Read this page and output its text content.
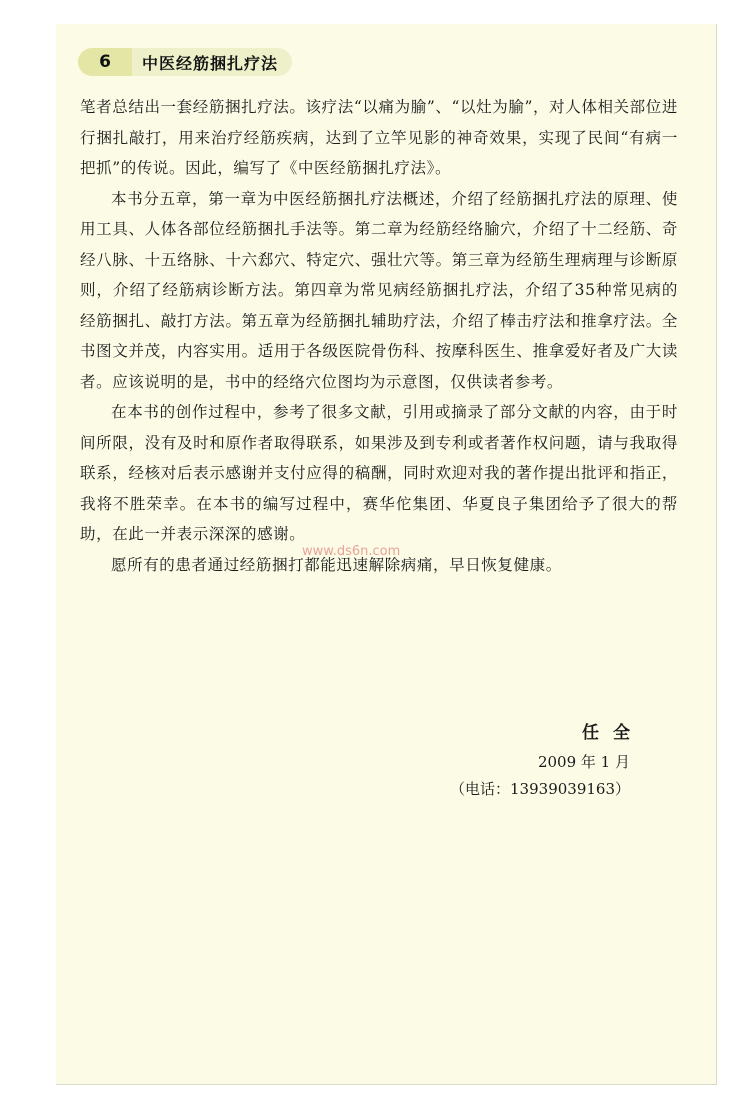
6 中医经筋捆扎疗法

笔者总结出一套经筋捆扎疗法。该疗法“以痛为腧”、“以灶为腧”，对人体相关部位进行捆扎敲打，用来治疗经筋疾病，达到了立竿见影的神奇效果，实现了民间“有病一把抓”的传说。因此，编写了《中医经筋捆扎疗法》。

本书分五章，第一章为中医经筋捆扎疗法概述，介绍了经筋捆扎疗法的原理、使用工具、人体各部位经筋捆扎手法等。第二章为经筋经络腧穴，介绍了十二经筋、奇经八脉、十五络脉、十六郄穴、特定穴、强壮穴等。第三章为经筋生理病理与诊断原则，介绍了经筋病诊断方法。第四章为常见病经筋捆扎疗法，介绍了35种常见病的经筋捆扎、敲打方法。第五章为经筋捆扎辅助疗法，介绍了棒击疗法和推拿疗法。全书图文并茂，内容实用。适用于各级医院骨伤科、按摩科医生、推拿爱好者及广大读者。应该说明的是，书中的经络穴位图均为示意图，仅供读者参考。

在本书的创作过程中，参考了很多文献，引用或摘录了部分文献的内容，由于时间所限，没有及时和原作者取得联系，如果涉及到专利或者著作权问题，请与我取得联系，经核对后表示感谢并支付应得的稿酬，同时欢迎对我的著作提出批评和指正，我将不胜荣幸。在本书的编写过程中，赛华佗集团、华夏良子集团给予了很大的帮助，在此一并表示深深的感谢。

愿所有的患者通过经筋捆打都能迅速解除病痛，早日恢复健康。

任全
2009 年 1 月
（电话：13939039163）
www.ds6n.com
